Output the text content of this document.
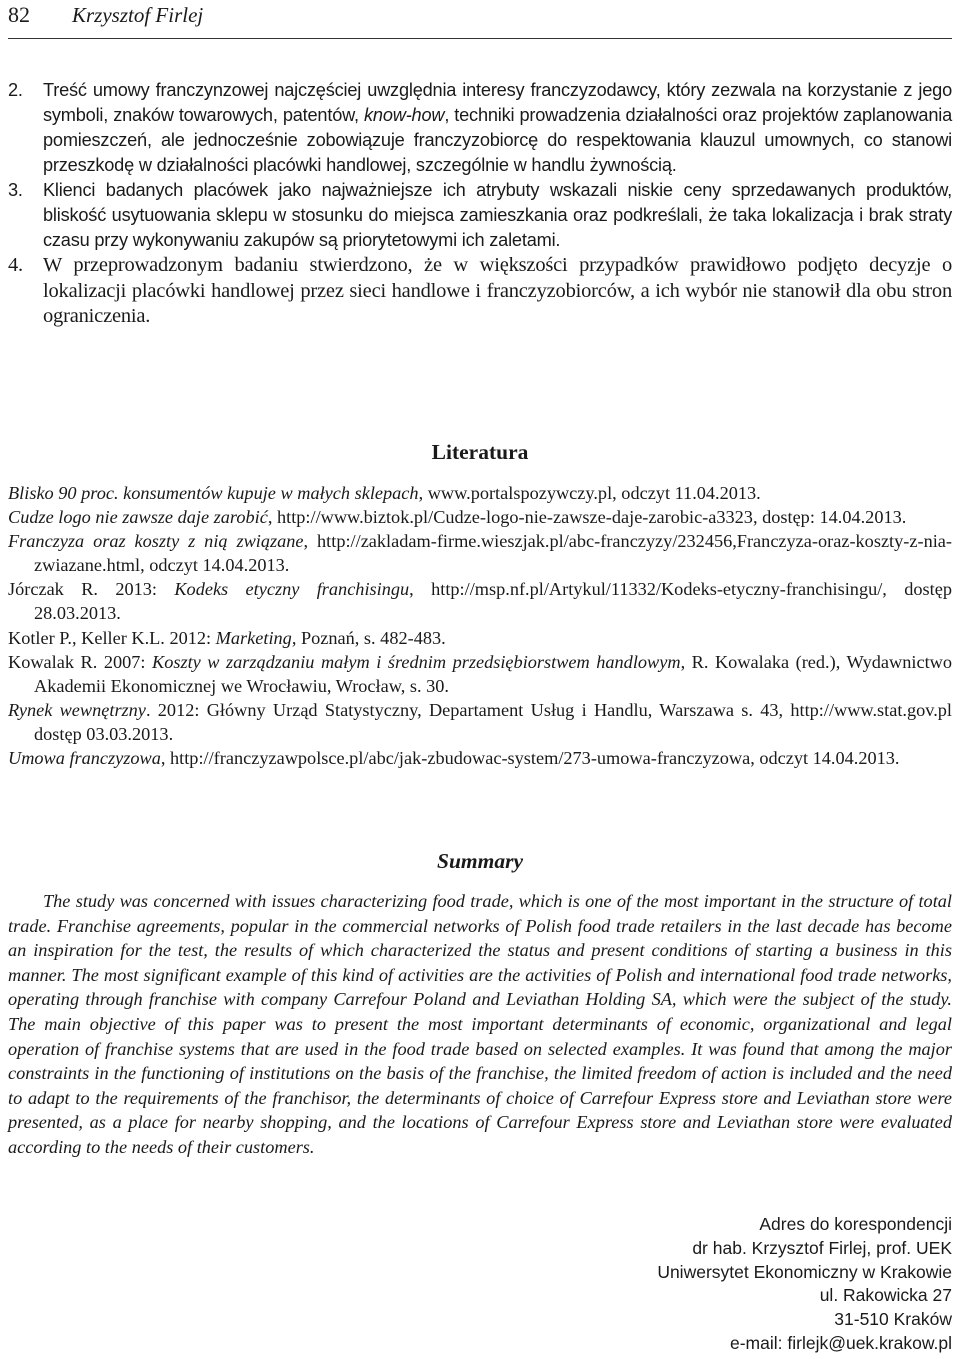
82 Krzysztof Firlej
2. Treść umowy franczynzowej najczęściej uwzględnia interesy franczyzodawcy, który zezwala na korzystanie z jego symboli, znaków towarowych, patentów, know-how, techniki prowadzenia działalności oraz projektów zaplanowania pomieszczeń, ale jednocześnie zobowiązuje franczyzobiorcę do respektowania klauzul umownych, co stanowi przeszkodę w działalności placówki handlowej, szczególnie w handlu żywnością.
3. Klienci badanych placówek jako najważniejsze ich atrybuty wskazali niskie ceny sprzedawanych produktów, bliskość usytuowania sklepu w stosunku do miejsca zamieszkania oraz podkreślali, że taka lokalizacja i brak straty czasu przy wykonywaniu zakupów są priorytetowymi ich zaletami.
4. W przeprowadzonym badaniu stwierdzono, że w większości przypadków prawidłowo podjęto decyzje o lokalizacji placówki handlowej przez sieci handlowe i franczyzobiorców, a ich wybór nie stanowił dla obu stron ograniczenia.
Literatura

Blisko 90 proc. konsumentów kupuje w małych sklepach, www.portalspozywczy.pl, odczyt 11.04.2013.

Cudze logo nie zawsze daje zarobić, http://www.biztok.pl/Cudze-logo-nie-zawsze-daje-zarobic-a3323, dostęp: 14.04.2013.

Franczyza oraz koszty z nią związane, http://zakladam-firme.wieszjak.pl/abc-franczyzy/232456,Franczyza-oraz-koszty-z-nia-zwiazane.html, odczyt 14.04.2013.

Jórczak R. 2013: Kodeks etyczny franchisingu, http://msp.nf.pl/Artykul/11332/Kodeks-etyczny-franchisingu/, dostęp 28.03.2013.

Kotler P., Keller K.L. 2012: Marketing, Poznań, s. 482-483.

Kowalak R. 2007: Koszty w zarządzaniu małym i średnim przedsiębiorstwem handlowym, R. Kowalaka (red.), Wydawnictwo Akademii Ekonomicznej we Wrocławiu, Wrocław, s. 30.

Rynek wewnętrzny. 2012: Główny Urząd Statystyczny, Departament Usług i Handlu, Warszawa s. 43, http://www.stat.gov.pl dostęp 03.03.2013.

Umowa franczyzowa, http://franczyzawpolsce.pl/abc/jak-zbudowac-system/273-umowa-franczyzowa, odczyt 14.04.2013.

Summary

The study was concerned with issues characterizing food trade, which is one of the most important in the structure of total trade. Franchise agreements, popular in the commercial networks of Polish food trade retailers in the last decade has become an inspiration for the test, the results of which characterized the status and present conditions of starting a business in this manner. The most significant example of this kind of activities are the activities of Polish and international food trade networks, operating through franchise with company Carrefour Poland and Leviathan Holding SA, which were the subject of the study. The main objective of this paper was to present the most important determinants of economic, organizational and legal operation of franchise systems that are used in the food trade based on selected examples. It was found that among the major constraints in the functioning of institutions on the basis of the franchise, the limited freedom of action is included and the need to adapt to the requirements of the franchisor, the determinants of choice of Carrefour Express store and Leviathan store were presented, as a place for nearby shopping, and the locations of Carrefour Express store and Leviathan store were evaluated according to the needs of their customers.

Adres do korespondencji
dr hab. Krzysztof Firlej, prof. UEK
Uniwersytet Ekonomiczny w Krakowie
ul. Rakowicka 27
31-510 Kraków
e-mail: firlejk@uek.krakow.pl
